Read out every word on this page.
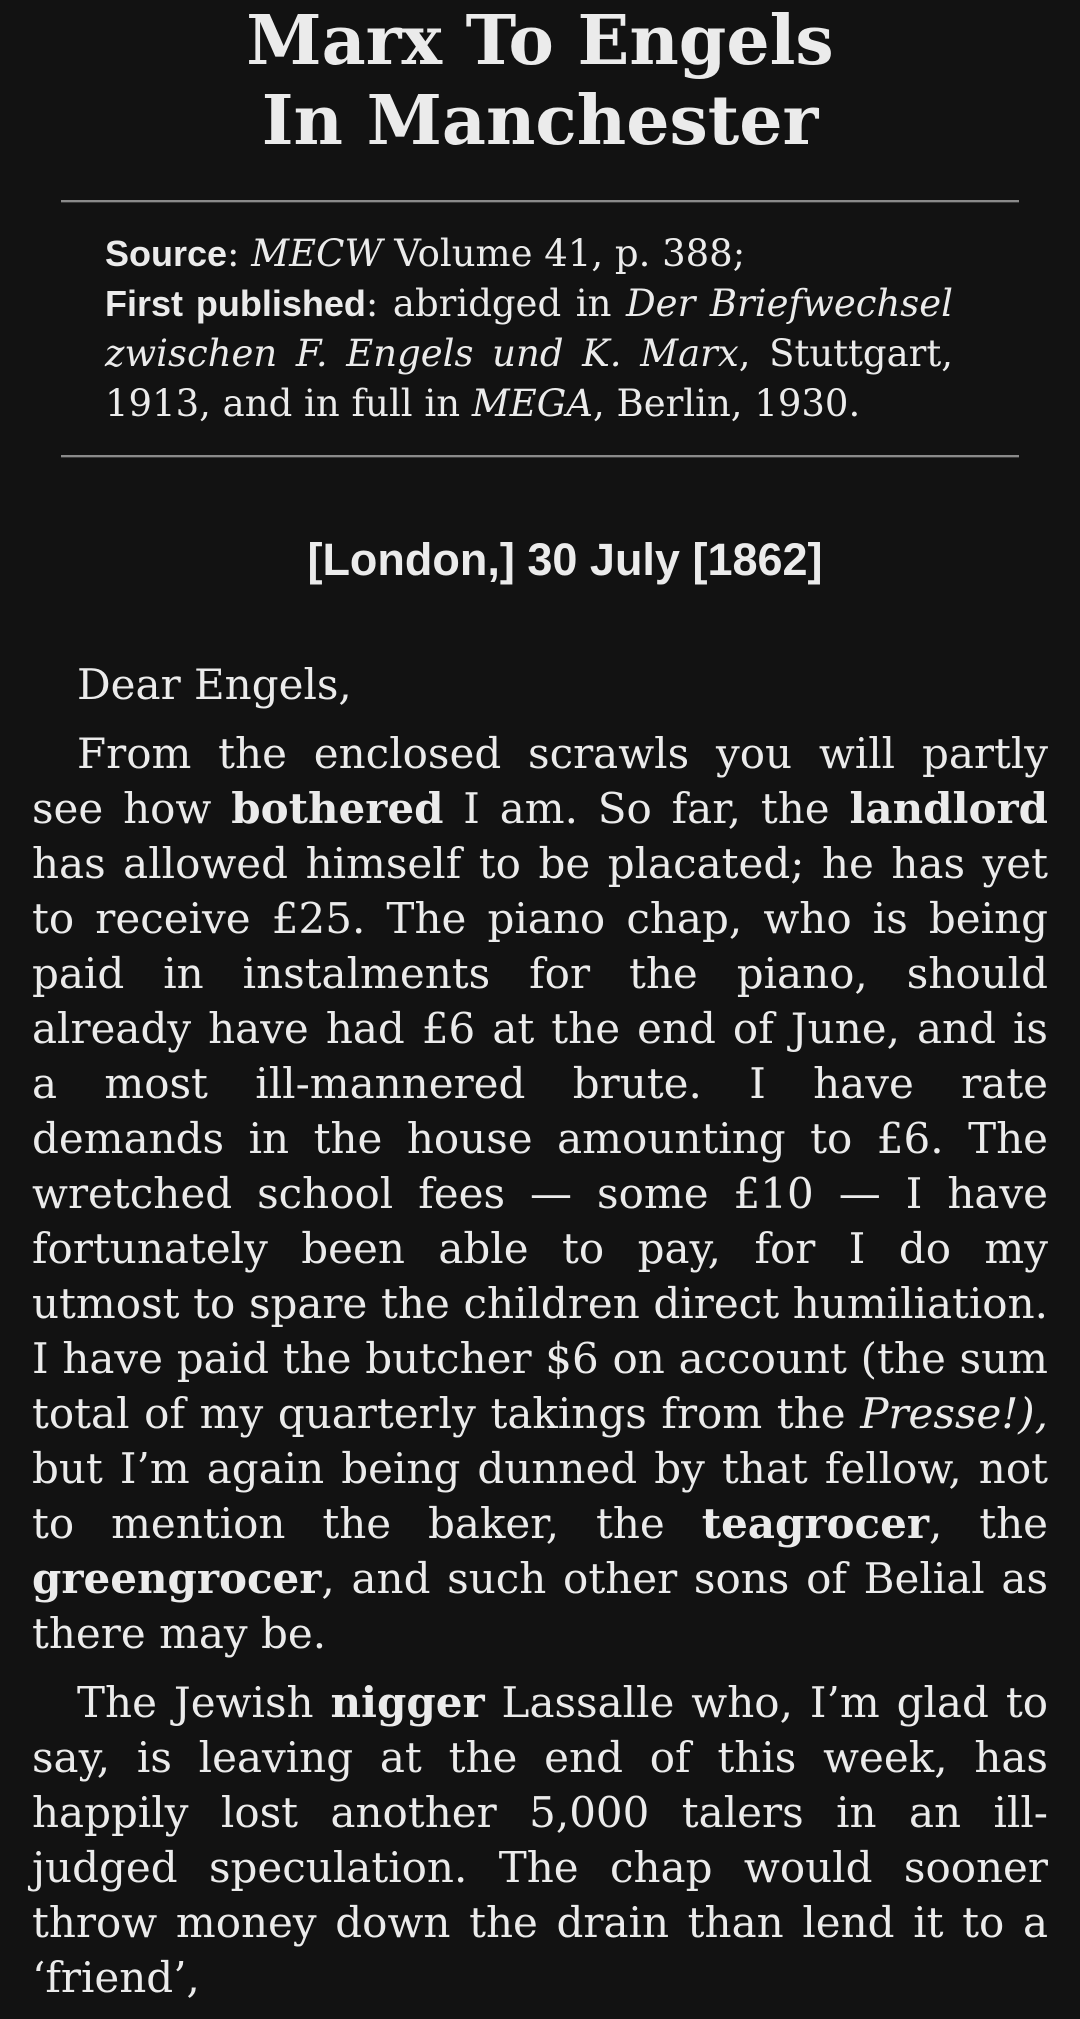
Marx To Engels
In Manchester
Source: MECW Volume 41, p. 388;
First published: abridged in Der Briefwechsel zwischen F. Engels und K. Marx, Stuttgart, 1913, and in full in MEGA, Berlin, 1930.
[London,] 30 July [1862]

Dear Engels,

From the enclosed scrawls you will partly see how bothered I am. So far, the landlord has allowed himself to be placated; he has yet to receive £25. The piano chap, who is being paid in instalments for the piano, should already have had £6 at the end of June, and is a most ill-mannered brute. I have rate demands in the house amounting to £6. The wretched school fees — some £10 — I have fortunately been able to pay, for I do my utmost to spare the children direct humiliation. I have paid the butcher $6 on account (the sum total of my quarterly takings from the Presse!), but I’m again being dunned by that fellow, not to mention the baker, the teagrocer, the greengrocer, and such other sons of Belial as there may be.

The Jewish nigger Lassalle who, I’m glad to say, is leaving at the end of this week, has happily lost another 5,000 talers in an ill-judged speculation. The chap would sooner throw money down the drain than lend it to a ‘friend’,
